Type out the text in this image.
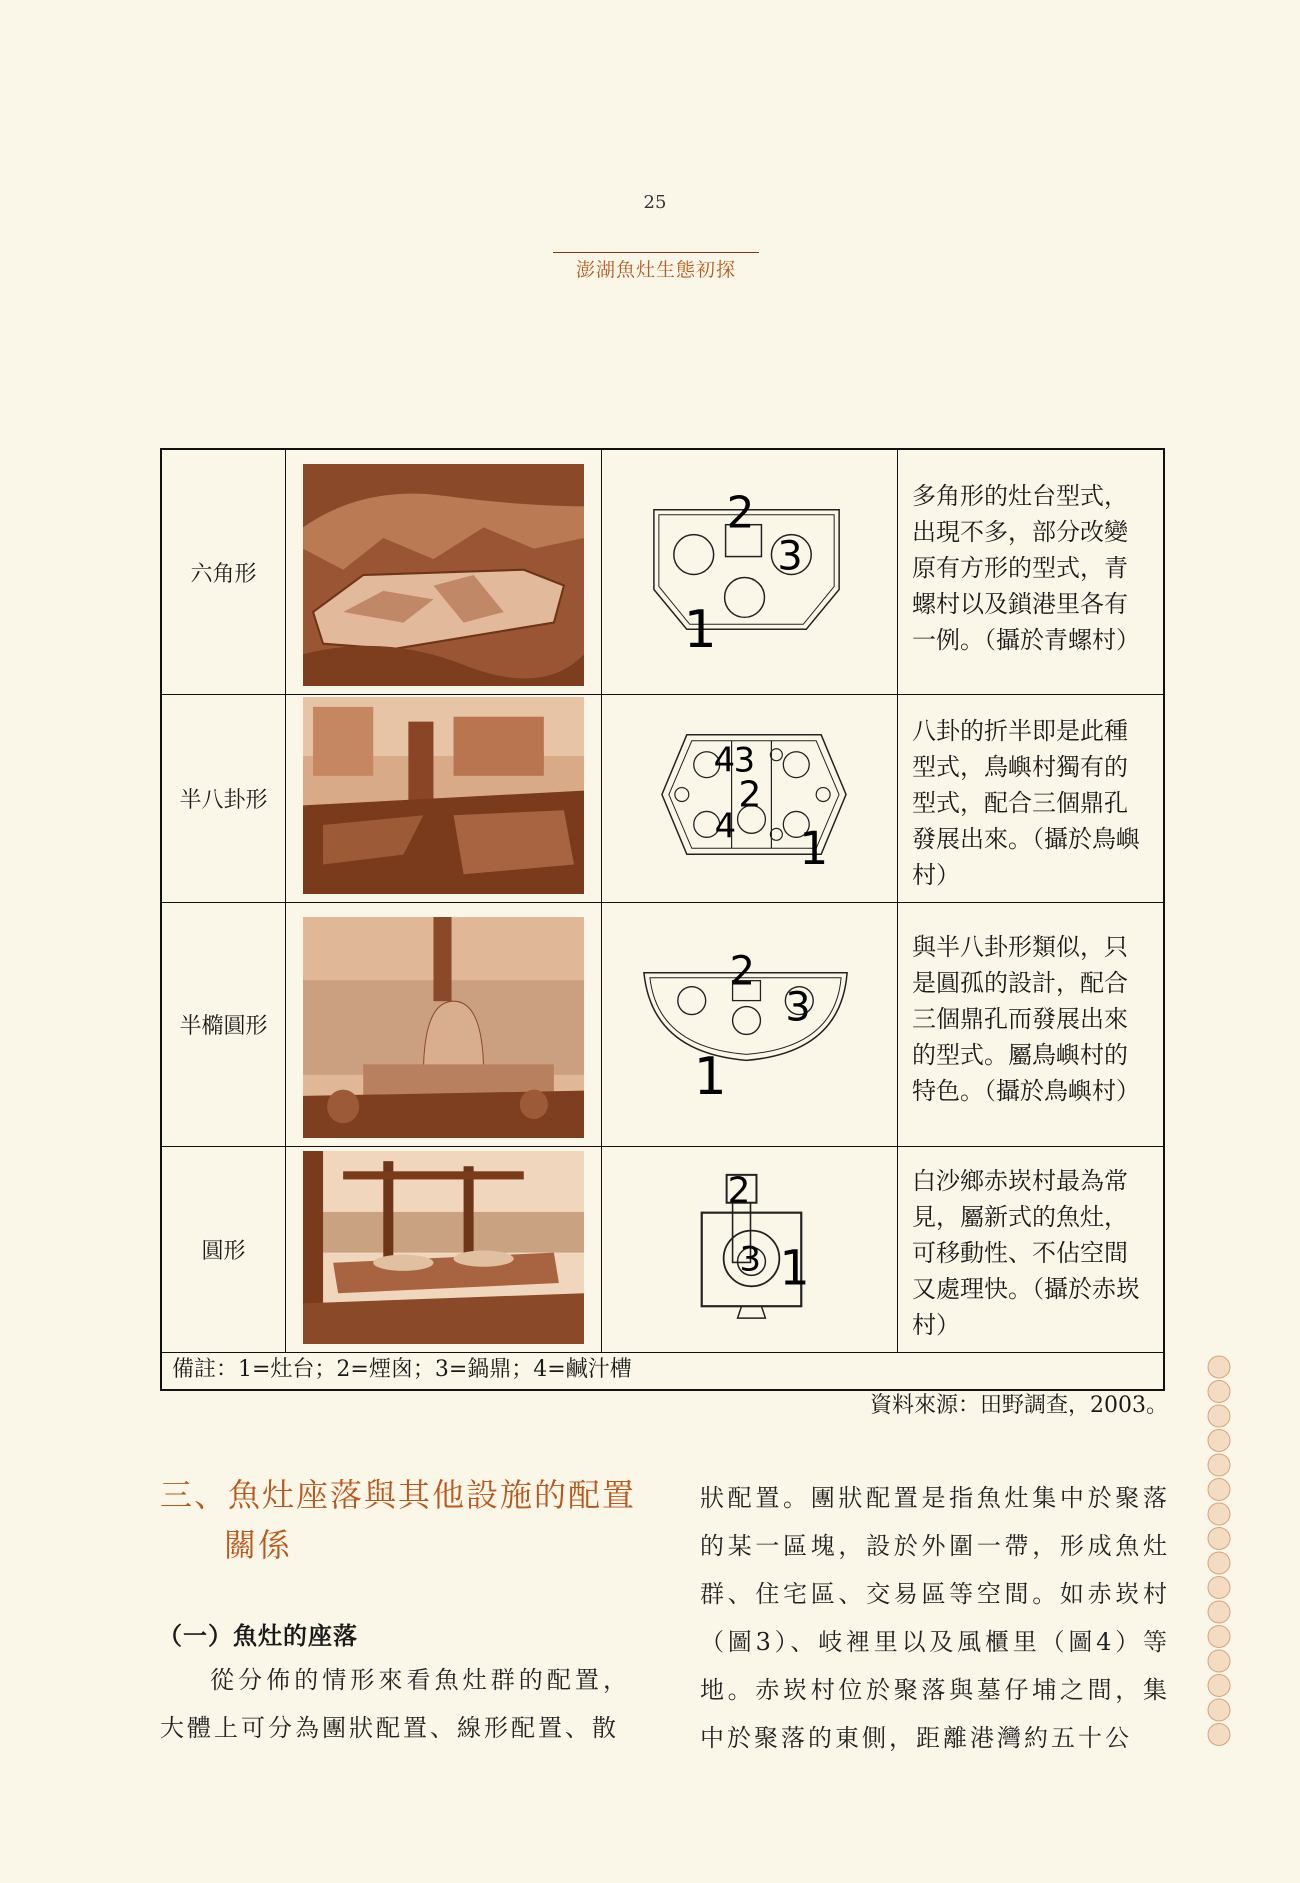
25
澎湖魚灶生態初探
六角形
2
3
1
多角形的灶台型式，出現不多，部分改變原有方形的型式，青螺村以及鎖港里各有一例。（攝於青螺村）
半八卦形
4
3
2
4 1
八卦的折半即是此種型式，鳥嶼村獨有的型式，配合三個鼎孔發展出來。（攝於鳥嶼村）
半橢圓形
2
3
1
與半八卦形類似，只是圓孤的設計，配合三個鼎孔而發展出來的型式。屬鳥嶼村的特色。（攝於鳥嶼村）
圓形
2
3 1
白沙鄉赤崁村最為常見，屬新式的魚灶，可移動性、不佔空間又處理快。（攝於赤崁村）
備註：1=灶台；2=煙囪；3=鍋鼎；4=鹹汁槽
資料來源：田野調查，2003。
三、魚灶座落與其他設施的配置
關係
（一）魚灶的座落
從分佈的情形來看魚灶群的配置，大體上可分為團狀配置、線形配置、散
狀配置。團狀配置是指魚灶集中於聚落的某一區塊，設於外圍一帶，形成魚灶群、住宅區、交易區等空間。如赤崁村（圖3）、岐裡里以及風櫃里（圖4）等地。赤崁村位於聚落與墓仔埔之間，集中於聚落的東側，距離港灣約五十公
